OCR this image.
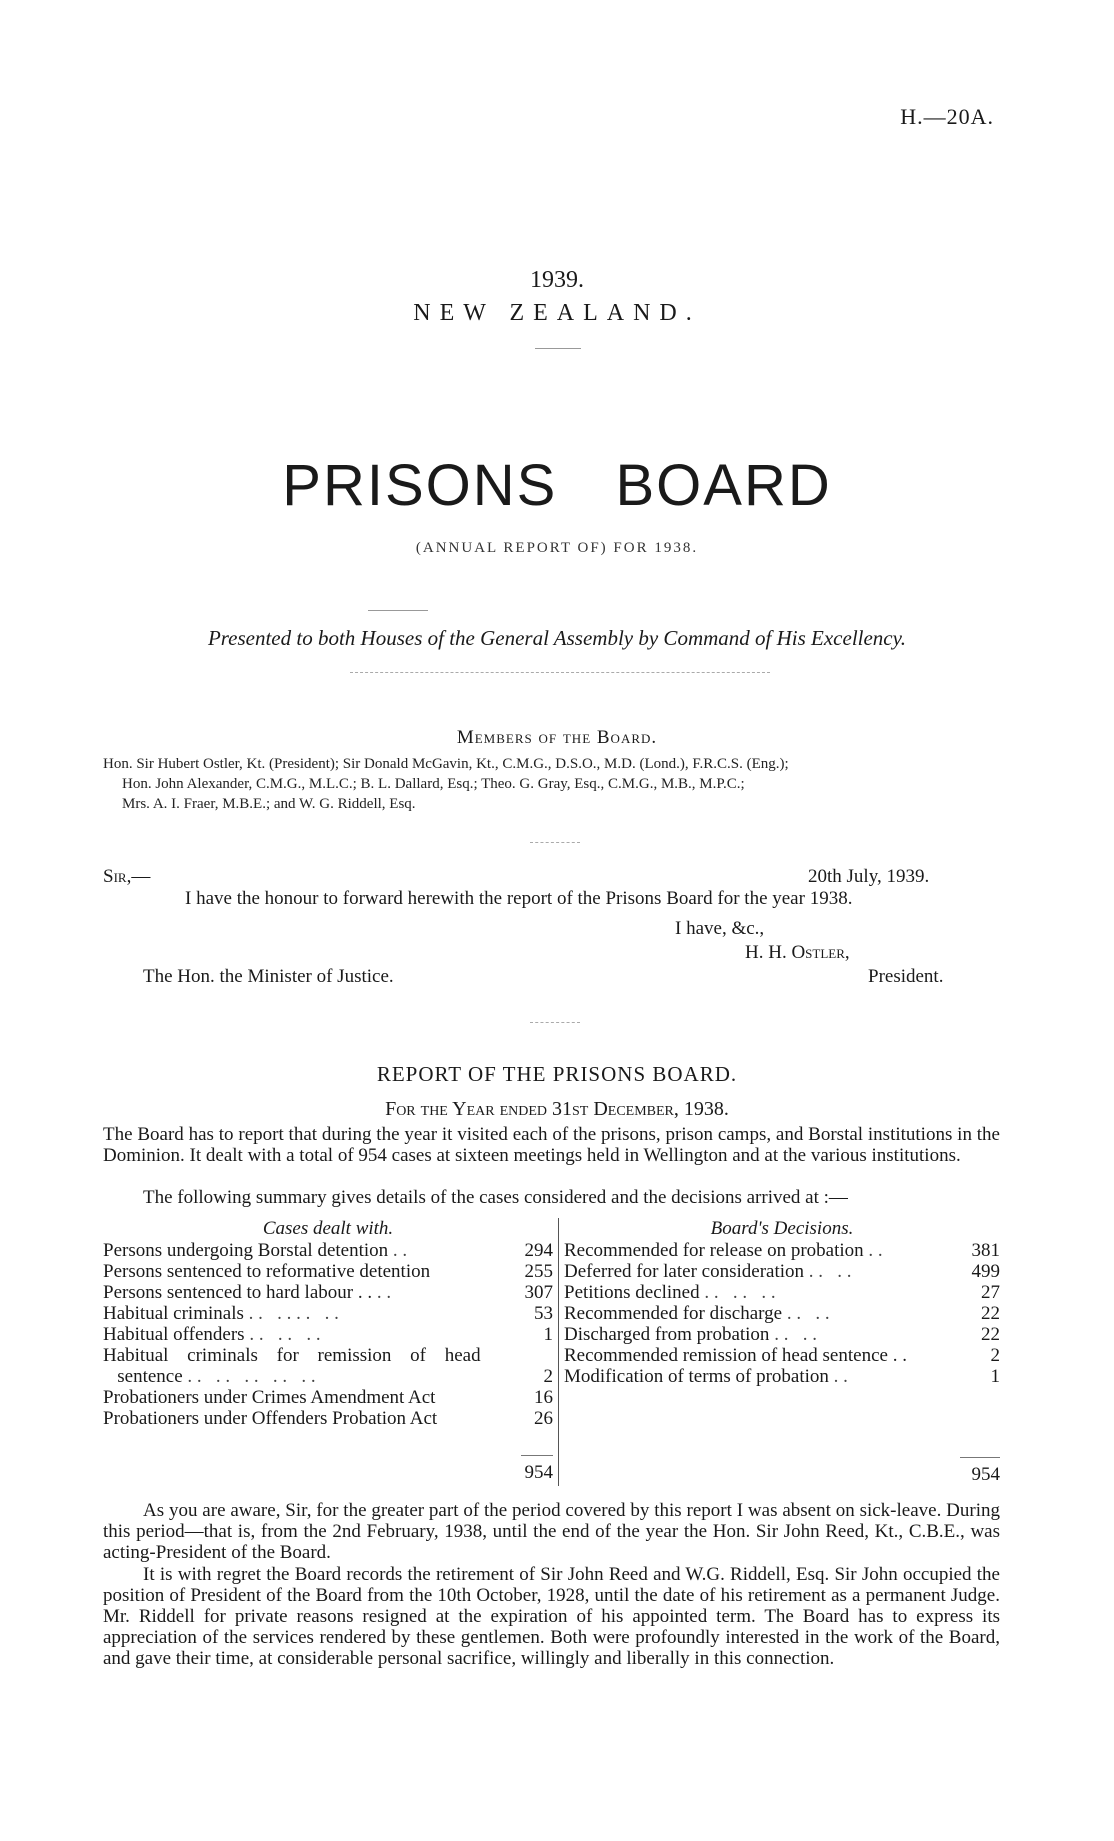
H.—20A.
1939.
NEW ZEALAND.
PRISONS BOARD
(ANNUAL REPORT OF) FOR 1938.
Presented to both Houses of the General Assembly by Command of His Excellency.
Members of the Board.
Hon. Sir Hubert Ostler, Kt. (President); Sir Donald McGavin, Kt., C.M.G., D.S.O., M.D. (Lond.), F.R.C.S. (Eng.);
Hon. John Alexander, C.M.G., M.L.C.; B. L. Dallard, Esq.; Theo. G. Gray, Esq., C.M.G., M.B., M.P.C.;
Mrs. A. I. Fraer, M.B.E.; and W. G. Riddell, Esq.
Sir,—	20th July, 1939.
I have the honour to forward herewith the report of the Prisons Board for the year 1938.
I have, &c.,
H. H. Ostler,
The Hon. the Minister of Justice.	President.
REPORT OF THE PRISONS BOARD.
For the Year ended 31st December, 1938.
The Board has to report that during the year it visited each of the prisons, prison camps, and Borstal institutions in the Dominion. It dealt with a total of 954 cases at sixteen meetings held in Wellington and at the various institutions.
The following summary gives details of the cases considered and the decisions arrived at :—
Cases dealt with.	
Persons undergoing Borstal detention . .	294
Persons sentenced to reformative detention	255
Persons sentenced to hard labour . . . .	307
Habitual criminals . .   . . . .   . .	53
Habitual offenders . .   . .   . .	1
Habitual criminals for remission of head	
sentence . .   . .   . .   . .   . .	2
Probationers under Crimes Amendment Act	16
Probationers under Offenders Probation Act	26

	954
Board's Decisions.	
Recommended for release on probation . .	381
Deferred for later consideration . .   . .	499
Petitions declined . .   . .   . .	27
Recommended for discharge . .   . .	22
Discharged from probation . .   . .	22
Recommended remission of head sentence . .	2
Modification of terms of probation . .	1

	954
As you are aware, Sir, for the greater part of the period covered by this report I was absent on sick-leave. During this period—that is, from the 2nd February, 1938, until the end of the year the Hon. Sir John Reed, Kt., C.B.E., was acting-President of the Board.
It is with regret the Board records the retirement of Sir John Reed and W.G. Riddell, Esq. Sir John occupied the position of President of the Board from the 10th October, 1928, until the date of his retirement as a permanent Judge. Mr. Riddell for private reasons resigned at the expiration of his appointed term. The Board has to express its appreciation of the services rendered by these gentlemen. Both were profoundly interested in the work of the Board, and gave their time, at considerable personal sacrifice, willingly and liberally in this connection.
